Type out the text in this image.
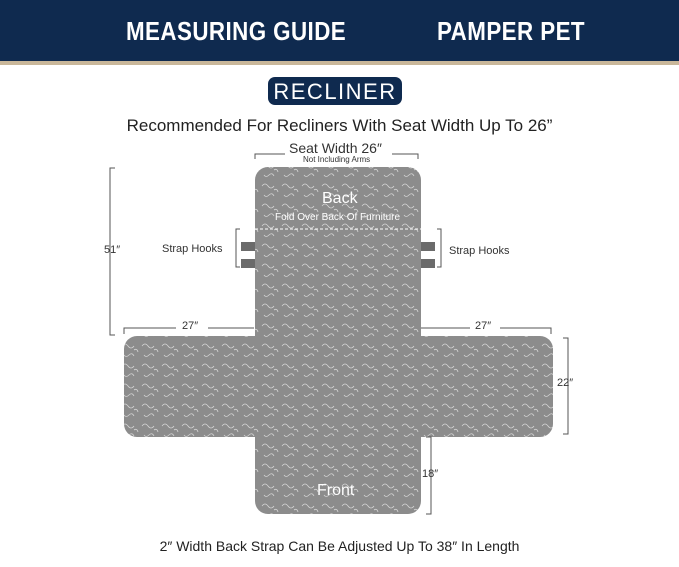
MEASURING GUIDE	PAMPER PET
RECLINER
Recommended For Recliners With Seat Width Up To 26”
Seat Width 26″
Not Including Arms
Back
Fold Over Back Of Furniture
Strap Hooks	Strap Hooks
51″
27″	27″
22″
18″
Front
2″ Width Back Strap Can Be Adjusted Up To 38″ In Length
